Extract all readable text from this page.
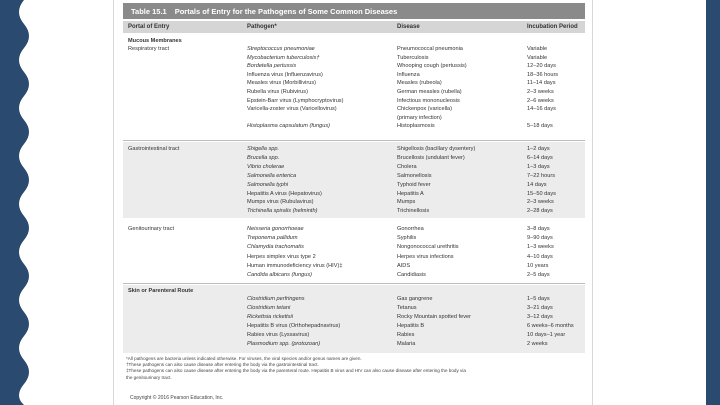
Table 15.1	Portals of Entry for the Pathogens of Some Common Diseases
Portal of Entry	Pathogen*	Disease	Incubation Period
Mucous Membranes
Respiratory tract	Streptococcus pneumoniae	Pneumococcal pneumonia	Variable
Mycobacterium tuberculosis†	Tuberculosis	Variable
Bordetella pertussis	Whooping cough (pertussis)	12–20 days
Influenza virus (Influenzavirus)	Influenza	18–36 hours
Measles virus (Morbillivirus)	Measles (rubeola)	11–14 days
Rubella virus (Rubivirus)	German measles (rubella)	2–3 weeks
Epstein-Barr virus (Lymphocryptovirus)	Infectious mononucleosis	2–6 weeks
Varicella-zoster virus (Varicellovirus)	Chickenpox (varicella)	14–16 days
(primary infection)
Histoplasma capsulatum (fungus)	Histoplasmosis	5–18 days
Gastrointestinal tract	Shigella spp.	Shigellosis (bacillary dysentery)	1–2 days
Brucella spp.	Brucellosis (undulant fever)	6–14 days
Vibrio cholerae	Cholera	1–3 days
Salmonella enterica	Salmonellosis	7–22 hours
Salmonella typhi	Typhoid fever	14 days
Hepatitis A virus (Hepatovirus)	Hepatitis A	15–50 days
Mumps virus (Rubulavirus)	Mumps	2–3 weeks
Trichinella spiralis (helminth)	Trichinellosis	2–28 days
Genitourinary tract	Neisseria gonorrhoeae	Gonorrhea	3–8 days
Treponema pallidum	Syphilis	9–90 days
Chlamydia trachomatis	Nongonococcal urethritis	1–3 weeks
Herpes simplex virus type 2	Herpes virus infections	4–10 days
Human immunodeficiency virus (HIV)‡	AIDS	10 years
Candida albicans (fungus)	Candidiasis	2–5 days
Skin or Parenteral Route
Clostridium perfringens	Gas gangrene	1–5 days
Clostridium tetani	Tetanus	3–21 days
Rickettsia rickettsii	Rocky Mountain spotted fever	3–12 days
Hepatitis B virus (Orthohepadnavirus)	Hepatitis B	6 weeks–6 months
Rabies virus (Lyssavirus)	Rabies	10 days–1 year
Plasmodium spp. (protozoan)	Malaria	2 weeks
*All pathogens are bacteria unless indicated otherwise. For viruses, the viral species and/or genus names are given.
†These pathogens can also cause disease after entering the body via the gastrointestinal tract.
‡These pathogens can also cause disease after entering the body via the parenteral route. Hepatitis B virus and HIV can also cause disease after entering the body via
the genitourinary tract.
Copyright © 2016 Pearson Education, Inc.
